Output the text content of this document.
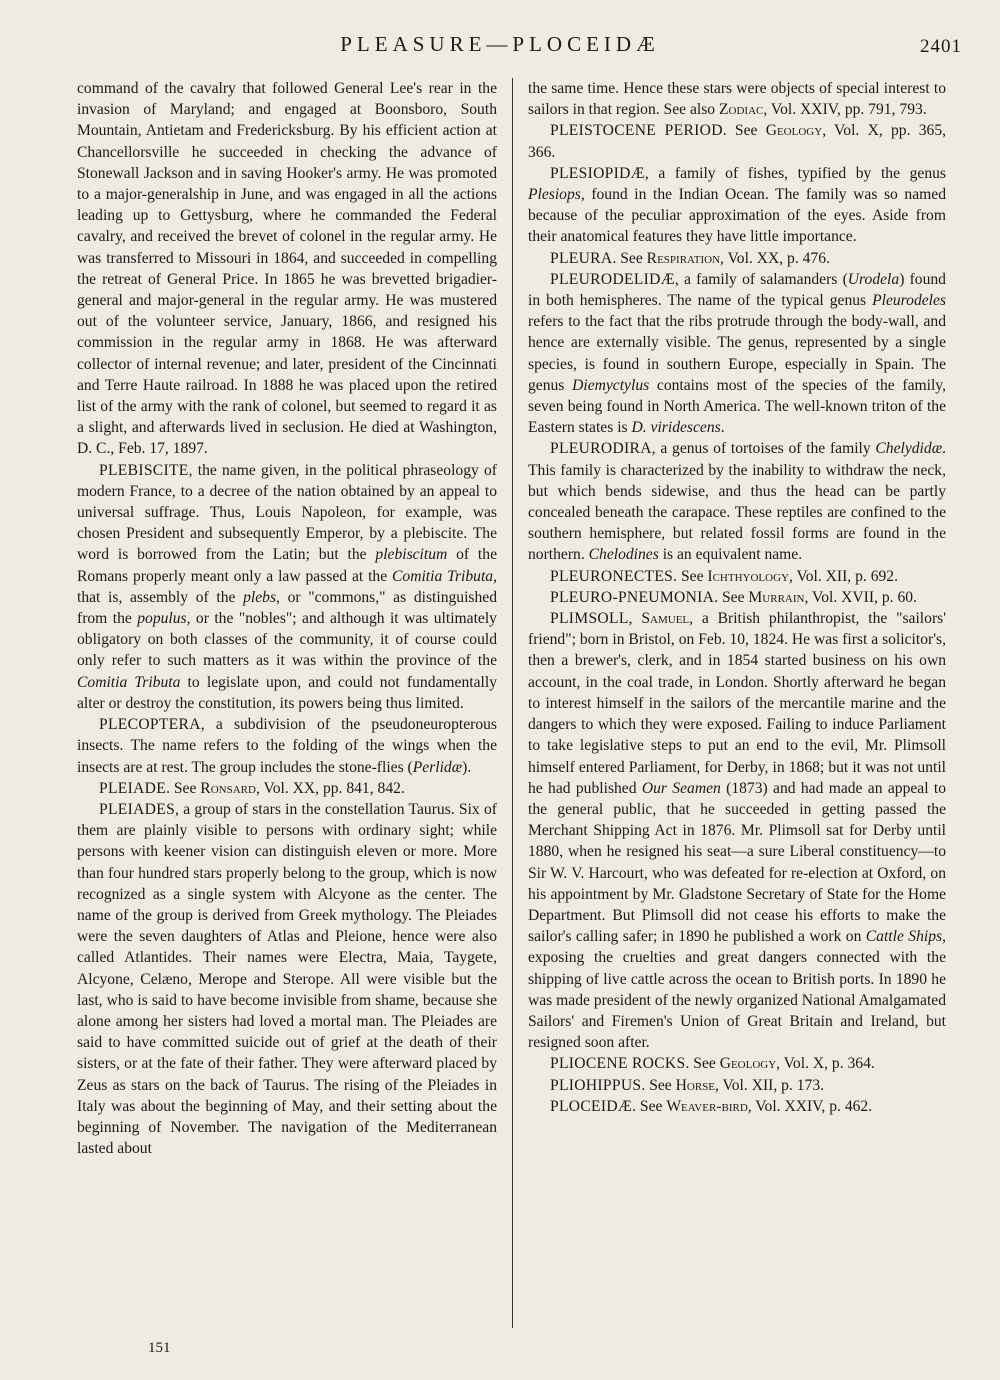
PLEASURE—PLOCEIDÆ	2401

command of the cavalry that followed General Lee's rear in the invasion of Maryland; and engaged at Boonsboro, South Mountain, Antietam and Fredericksburg. By his efficient action at Chancellorsville he succeeded in checking the advance of Stonewall Jackson and in saving Hooker's army. He was promoted to a major-generalship in June, and was engaged in all the actions leading up to Gettysburg, where he commanded the Federal cavalry, and received the brevet of colonel in the regular army. He was transferred to Missouri in 1864, and succeeded in compelling the retreat of General Price. In 1865 he was brevetted brigadier-general and major-general in the regular army. He was mustered out of the volunteer service, January, 1866, and resigned his commission in the regular army in 1868. He was afterward collector of internal revenue; and later, president of the Cincinnati and Terre Haute railroad. In 1888 he was placed upon the retired list of the army with the rank of colonel, but seemed to regard it as a slight, and afterwards lived in seclusion. He died at Washington, D. C., Feb. 17, 1897.

PLEBISCITE, the name given, in the political phraseology of modern France, to a decree of the nation obtained by an appeal to universal suffrage. Thus, Louis Napoleon, for example, was chosen President and subsequently Emperor, by a plebiscite. The word is borrowed from the Latin; but the plebiscitum of the Romans properly meant only a law passed at the Comitia Tributa, that is, assembly of the plebs, or "commons," as distinguished from the populus, or the "nobles"; and although it was ultimately obligatory on both classes of the community, it of course could only refer to such matters as it was within the province of the Comitia Tributa to legislate upon, and could not fundamentally alter or destroy the constitution, its powers being thus limited.

PLECOPTERA, a subdivision of the pseudoneuropterous insects. The name refers to the folding of the wings when the insects are at rest. The group includes the stone-flies (Perlidæ).

PLEIADE. See Ronsard, Vol. XX, pp. 841, 842.

PLEIADES, a group of stars in the constellation Taurus. Six of them are plainly visible to persons with ordinary sight; while persons with keener vision can distinguish eleven or more. More than four hundred stars properly belong to the group, which is now recognized as a single system with Alcyone as the center. The name of the group is derived from Greek mythology. The Pleiades were the seven daughters of Atlas and Pleione, hence were also called Atlantides. Their names were Electra, Maia, Taygete, Alcyone, Celæno, Merope and Sterope. All were visible but the last, who is said to have become invisible from shame, because she alone among her sisters had loved a mortal man. The Pleiades are said to have committed suicide out of grief at the death of their sisters, or at the fate of their father. They were afterward placed by Zeus as stars on the back of Taurus. The rising of the Pleiades in Italy was about the beginning of May, and their setting about the beginning of November. The navigation of the Mediterranean lasted about

the same time. Hence these stars were objects of special interest to sailors in that region. See also Zodiac, Vol. XXIV, pp. 791, 793.

PLEISTOCENE PERIOD. See Geology, Vol. X, pp. 365, 366.

PLESIOPIDÆ, a family of fishes, typified by the genus Plesiops, found in the Indian Ocean. The family was so named because of the peculiar approximation of the eyes. Aside from their anatomical features they have little importance.

PLEURA. See Respiration, Vol. XX, p. 476.

PLEURODELIDÆ, a family of salamanders (Urodela) found in both hemispheres. The name of the typical genus Pleurodeles refers to the fact that the ribs protrude through the body-wall, and hence are externally visible. The genus, represented by a single species, is found in southern Europe, especially in Spain. The genus Diemyctylus contains most of the species of the family, seven being found in North America. The well-known triton of the Eastern states is D. viridescens.

PLEURODIRA, a genus of tortoises of the family Chelydidæ. This family is characterized by the inability to withdraw the neck, but which bends sidewise, and thus the head can be partly concealed beneath the carapace. These reptiles are confined to the southern hemisphere, but related fossil forms are found in the northern. Chelodines is an equivalent name.

PLEURONECTES. See Ichthyology, Vol. XII, p. 692.

PLEURO-PNEUMONIA. See Murrain, Vol. XVII, p. 60.

PLIMSOLL, Samuel, a British philanthropist, the "sailors' friend"; born in Bristol, on Feb. 10, 1824. He was first a solicitor's, then a brewer's, clerk, and in 1854 started business on his own account, in the coal trade, in London. Shortly afterward he began to interest himself in the sailors of the mercantile marine and the dangers to which they were exposed. Failing to induce Parliament to take legislative steps to put an end to the evil, Mr. Plimsoll himself entered Parliament, for Derby, in 1868; but it was not until he had published Our Seamen (1873) and had made an appeal to the general public, that he succeeded in getting passed the Merchant Shipping Act in 1876. Mr. Plimsoll sat for Derby until 1880, when he resigned his seat—a sure Liberal constituency—to Sir W. V. Harcourt, who was defeated for re-election at Oxford, on his appointment by Mr. Gladstone Secretary of State for the Home Department. But Plimsoll did not cease his efforts to make the sailor's calling safer; in 1890 he published a work on Cattle Ships, exposing the cruelties and great dangers connected with the shipping of live cattle across the ocean to British ports. In 1890 he was made president of the newly organized National Amalgamated Sailors' and Firemen's Union of Great Britain and Ireland, but resigned soon after.

PLIOCENE ROCKS. See Geology, Vol. X, p. 364.

PLIOHIPPUS. See Horse, Vol. XII, p. 173.

PLOCEIDÆ. See Weaver-bird, Vol. XXIV, p. 462.

151
